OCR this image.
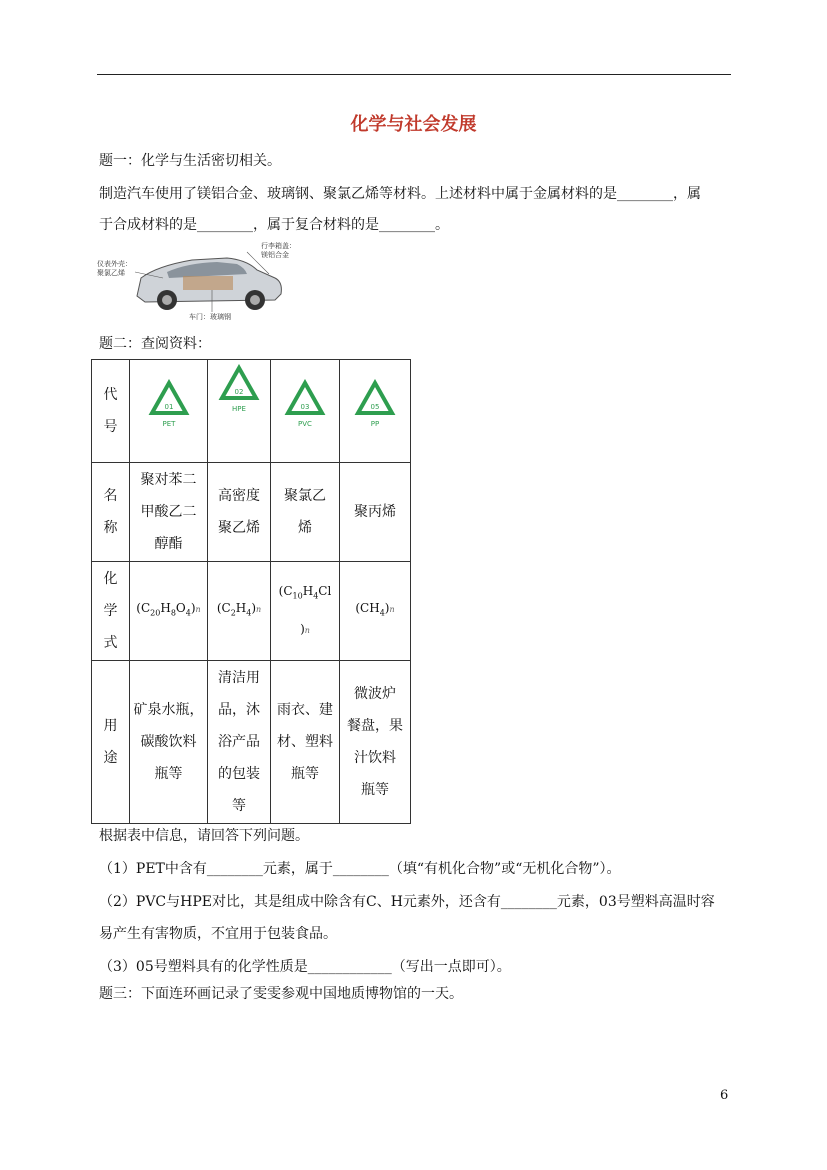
化学与社会发展
题一：化学与生活密切相关。
制造汽车使用了镁铝合金、玻璃钢、聚氯乙烯等材料。上述材料中属于金属材料的是________，属
于合成材料的是________，属于复合材料的是________。
仪表外壳：
聚氯乙烯
行李箱盖：
镁铝合金
车门：玻璃钢
题二：查阅资料：
代
号	01
PET	02
HPE	03
PVC	05
PP

名
称	聚对苯二
甲酸乙二
醇酯	高密度
聚乙烯	聚氯乙
烯	聚丙烯
化
学
式	$(C_{20}H_8O_4)n$	$(C_2H_4)n$	($C_{10}H_4Cl$
)n	$(CH_4)n$
用
途	矿泉水瓶，
碳酸饮料
瓶等	清洁用
品，沐
浴产品
的包装
等	雨衣、建
材、塑料
瓶等	微波炉
餐盘，果
汁饮料
瓶等
根据表中信息，请回答下列问题。
（1）PET中含有________元素，属于________（填“有机化合物”或“无机化合物”）。
（2）PVC与HPE对比，其是组成中除含有C、H元素外，还含有________元素，03号塑料高温时容
易产生有害物质，不宜用于包装食品。
（3）05号塑料具有的化学性质是____________（写出一点即可）。
题三：下面连环画记录了雯雯参观中国地质博物馆的一天。
6
